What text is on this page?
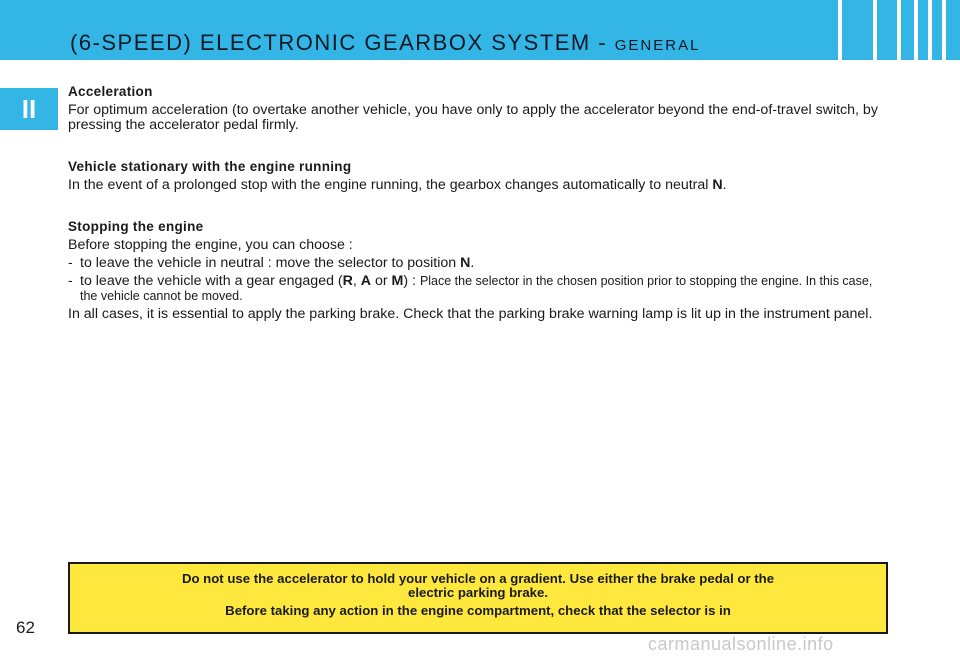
(6-SPEED) ELECTRONIC GEARBOX SYSTEM - GENERAL
II
Acceleration

For optimum acceleration (to overtake another vehicle, you have only to apply the accelerator beyond the end-of-travel switch, by pressing the accelerator pedal firmly.

Vehicle stationary with the engine running

In the event of a prolonged stop with the engine running, the gearbox changes automatically to neutral N.

Stopping the engine

Before stopping the engine, you can choose :

- to leave the vehicle in neutral : move the selector to position N.
- to leave the vehicle with a gear engaged (R, A or M) : Place the selector in the chosen position prior to stopping the engine. In this case, the vehicle cannot be moved.

In all cases, it is essential to apply the parking brake. Check that the parking brake warning lamp is lit up in the instrument panel.

Do not use the accelerator to hold your vehicle on a gradient. Use either the brake pedal or the electric parking brake.
Before taking any action in the engine compartment, check that the selector is in
62
carmanualsonline.info
